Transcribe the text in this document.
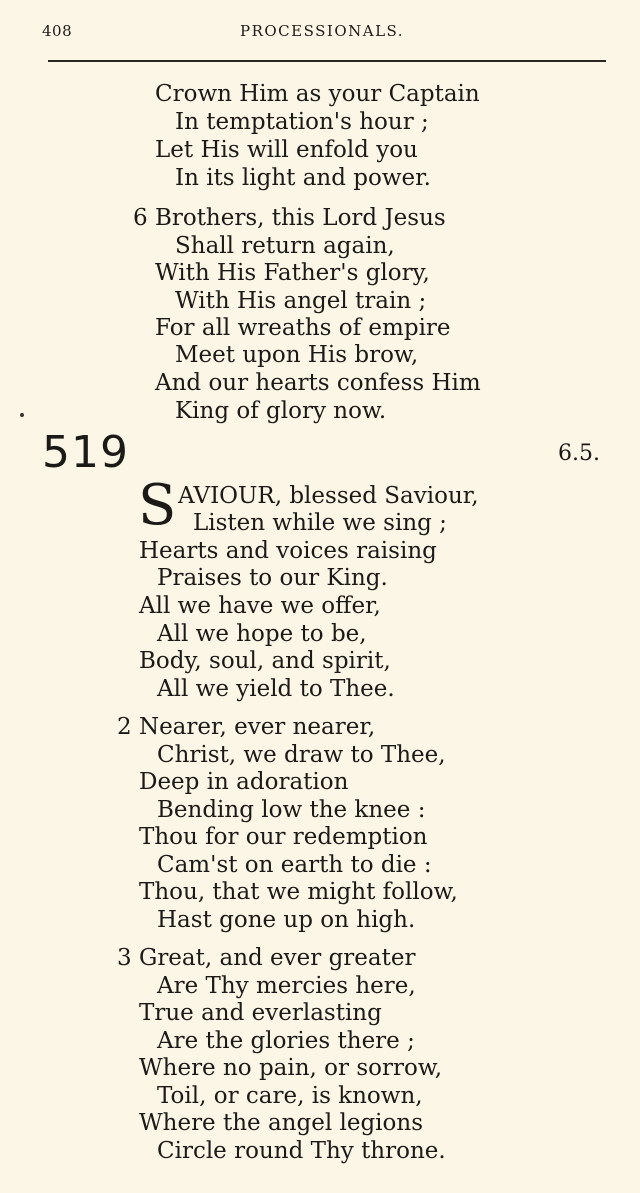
408	PROCESSIONALS.
Crown Him as your Captain
In temptation's hour ;
Let His will enfold you
In its light and power.
6 Brothers, this Lord Jesus
Shall return again,
With His Father's glory,
With His angel train ;
For all wreaths of empire
Meet upon His brow,
And our hearts confess Him
King of glory now.
519	6.5.
S AVIOUR, blessed Saviour,
Listen while we sing ;
Hearts and voices raising
Praises to our King.
All we have we offer,
All we hope to be,
Body, soul, and spirit,
All we yield to Thee.
2 Nearer, ever nearer,
Christ, we draw to Thee,
Deep in adoration
Bending low the knee :
Thou for our redemption
Cam'st on earth to die :
Thou, that we might follow,
Hast gone up on high.
3 Great, and ever greater
Are Thy mercies here,
True and everlasting
Are the glories there ;
Where no pain, or sorrow,
Toil, or care, is known,
Where the angel legions
Circle round Thy throne.
